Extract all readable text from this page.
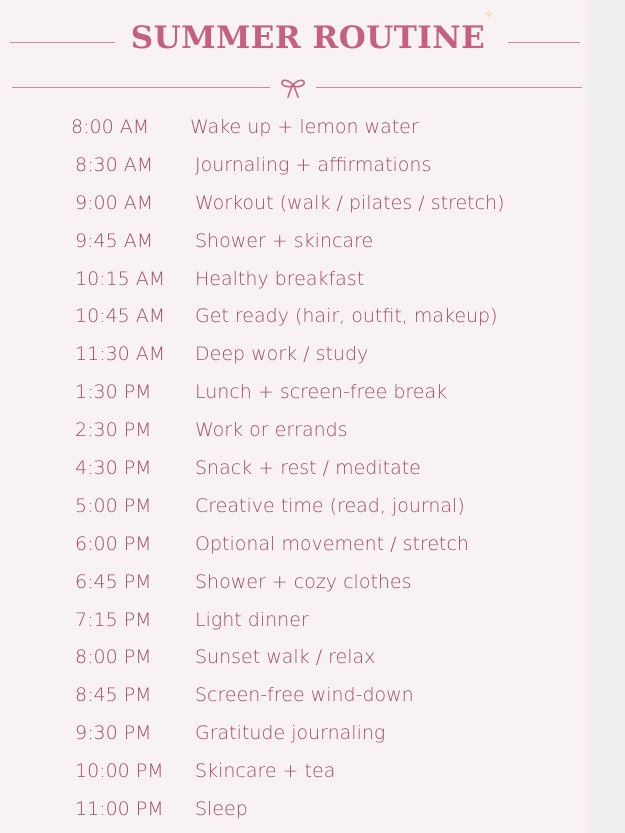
✧
SUMMER ROUTINE
8:00 AM Wake up + lemon water
8:30 AM Journaling + affirmations
9:00 AM Workout (walk / pilates / stretch)
9:45 AM Shower + skincare
10:15 AM Healthy breakfast
10:45 AM Get ready (hair, outfit, makeup)
11:30 AM Deep work / study
1:30 PM Lunch + screen-free break
2:30 PM Work or errands
4:30 PM Snack + rest / meditate
5:00 PM Creative time (read, journal)
6:00 PM Optional movement / stretch
6:45 PM Shower + cozy clothes
7:15 PM Light dinner
8:00 PM Sunset walk / relax
8:45 PM Screen-free wind-down
9:30 PM Gratitude journaling
10:00 PM Skincare + tea
11:00 PM Sleep
